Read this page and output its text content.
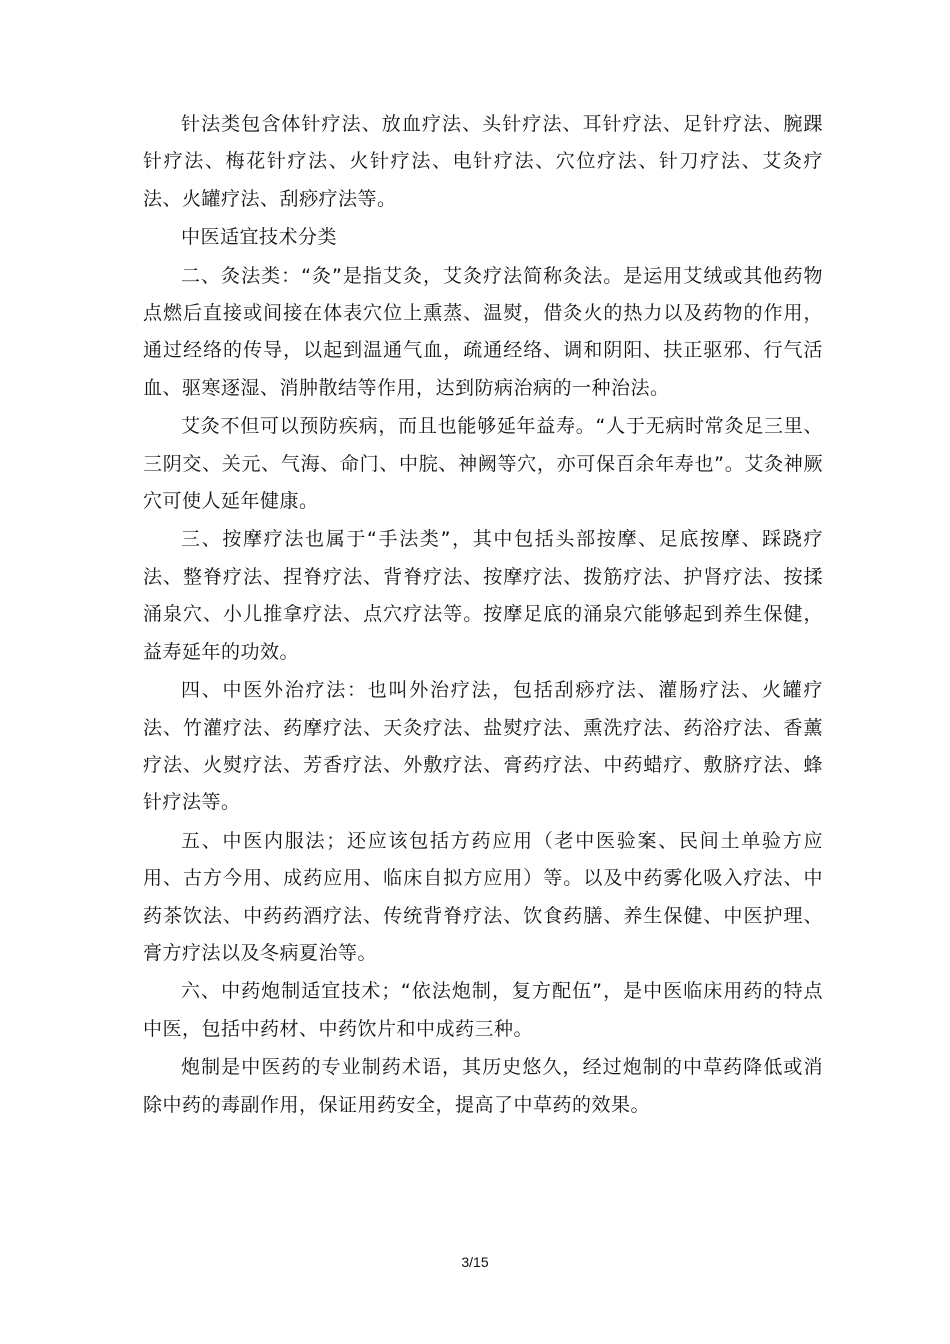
针法类包含体针疗法、放血疗法、头针疗法、耳针疗法、足针疗法、腕踝针疗法、梅花针疗法、火针疗法、电针疗法、穴位疗法、针刀疗法、艾灸疗法、火罐疗法、刮痧疗法等。

中医适宜技术分类

二、灸法类：“灸”是指艾灸，艾灸疗法简称灸法。是运用艾绒或其他药物点燃后直接或间接在体表穴位上熏蒸、温熨，借灸火的热力以及药物的作用，通过经络的传导，以起到温通气血，疏通经络、调和阴阳、扶正驱邪、行气活血、驱寒逐湿、消肿散结等作用，达到防病治病的一种治法。

艾灸不但可以预防疾病，而且也能够延年益寿。“人于无病时常灸足三里、三阴交、关元、气海、命门、中脘、神阙等穴，亦可保百余年寿也”。艾灸神厥穴可使人延年健康。

三、按摩疗法也属于“手法类”，其中包括头部按摩、足底按摩、踩跷疗法、整脊疗法、捏脊疗法、背脊疗法、按摩疗法、拨筋疗法、护肾疗法、按揉涌泉穴、小儿推拿疗法、点穴疗法等。按摩足底的涌泉穴能够起到养生保健，益寿延年的功效。

四、中医外治疗法：也叫外治疗法，包括刮痧疗法、灌肠疗法、火罐疗法、竹灌疗法、药摩疗法、天灸疗法、盐熨疗法、熏洗疗法、药浴疗法、香薰疗法、火熨疗法、芳香疗法、外敷疗法、膏药疗法、中药蜡疗、敷脐疗法、蜂针疗法等。

五、中医内服法；还应该包括方药应用（老中医验案、民间土单验方应用、古方今用、成药应用、临床自拟方应用）等。以及中药雾化吸入疗法、中药茶饮法、中药药酒疗法、传统背脊疗法、饮食药膳、养生保健、中医护理、膏方疗法以及冬病夏治等。

六、中药炮制适宜技术；“依法炮制，复方配伍”，是中医临床用药的特点中医，包括中药材、中药饮片和中成药三种。

炮制是中医药的专业制药术语，其历史悠久，经过炮制的中草药降低或消除中药的毒副作用，保证用药安全，提高了中草药的效果。

3/15
